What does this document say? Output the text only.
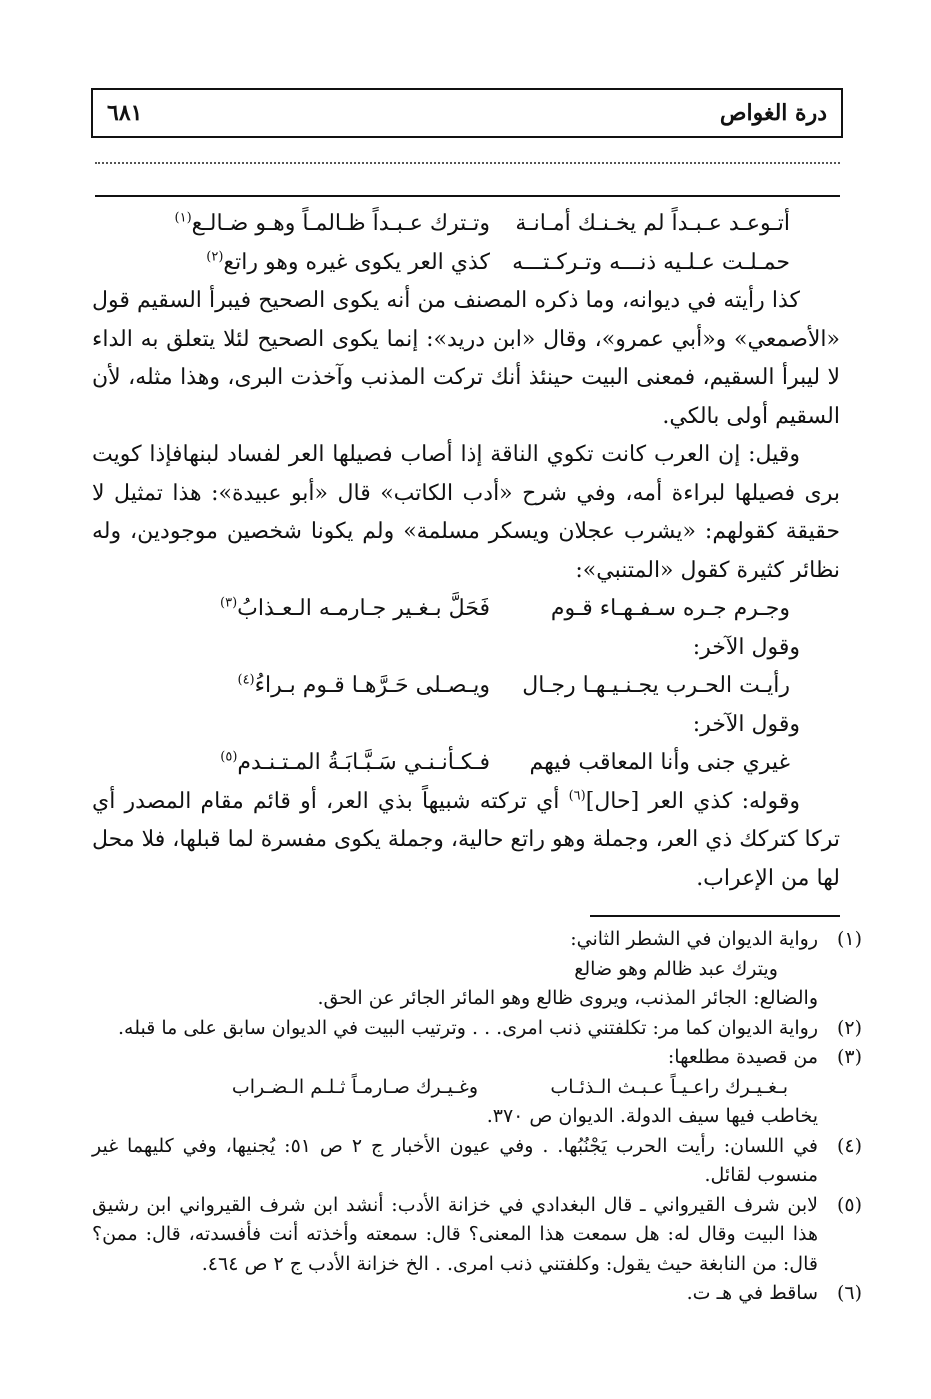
درة الغواص
٦٨١
أتـوعـد عـبـداً لم يخـنـك أمـانـة
وتـترك عـبـداً ظـالمـاً وهـو ضـالـع$^{(١)}$
حمـلـت عـلـيه ذنـــه وتـركـتـــه
كذي العر يكوى غيره وهو راتع$^{(٢)}$

كذا رأيته في ديوانه، وما ذكره المصنف من أنه يكوى الصحيح فيبرأ السقيم قول «الأصمعي» و«أبي عمرو»، وقال «ابن دريد»: إنما يكوى الصحيح لئلا يتعلق به الداء لا ليبرأ السقيم، فمعنى البيت حينئذ أنك تركت المذنب وآخذت البرى، وهذا مثله، لأن السقيم أولى بالكي.

وقيل: إن العرب كانت تكوي الناقة إذا أصاب فصيلها العر لفساد لبنهافإذا كويت برى فصيلها لبراءة أمه، وفي شرح «أدب الكاتب» قال «أبو عبيدة»: هذا تمثيل لا حقيقة كقولهم: «يشرب عجلان ويسكر مسلمة» ولم يكونا شخصين موجودين، وله نظائر كثيرة كقول «المتنبي»:

وجـرم جـره سـفـهـاء قـوم
فَحَلَّ بـغـير جـارمـه الـعـذابُ$^{(٣)}$

وقول الآخر:

رأيـت الحـرب يجـنـيـهـا رجـال
ويـصـلى حَـرَّهـا قـوم بـراءُ$^{(٤)}$

وقول الآخر:

غيري جنى وأنا المعاقب فيهم
فـكـأنـنـي سَـبَّـابَـةُ المـتـنـدم$^{(٥)}$

وقوله: كذي العر [حال]$^{(٦)}$ أي تركته شبيهاً بذي العر، أو قائم مقام المصدر أي تركا كتركك ذي العر، وجملة وهو راتع حالية، وجملة يكوى مفسرة لما قبلها، فلا محل لها من الإعراب.

(١)
رواية الديوان في الشطر الثاني:
ويترك عبد ظالم وهو ضالع
والضالع: الجائر المذنب، ويروى ظالع وهو المائر الجائر عن الحق.
(٢)
رواية الديوان كما مر: تكلفتني ذنب امرى. . . وترتيب البيت في الديوان سابق على ما قبله.
(٣)
من قصيدة مطلعها:
بـغـيـرك راعـيـاً عـبـث الـذئـاب
وغـيـرك صـارمـاً ثـلـم الـضـراب
يخاطب فيها سيف الدولة. الديوان ص ٣٧٠.
(٤)
في اللسان: رأيت الحرب يَجْنُبُها. . وفي عيون الأخبار ج ٢ ص ٥١: يُجنيها، وفي كليهما غير منسوب لقائل.
(٥)
لابن شرف القيرواني ـ قال البغدادي في خزانة الأدب: أنشد ابن شرف القيرواني ابن رشيق هذا البيت وقال له: هل سمعت هذا المعنى؟ قال: سمعته وأخذته أنت فأفسدته، قال: ممن؟ قال: من النابغة حيث يقول: وكلفتني ذنب امرى. . الخ خزانة الأدب ج ٢ ص ٤٦٤.
(٦)
ساقط في هـ ت.
